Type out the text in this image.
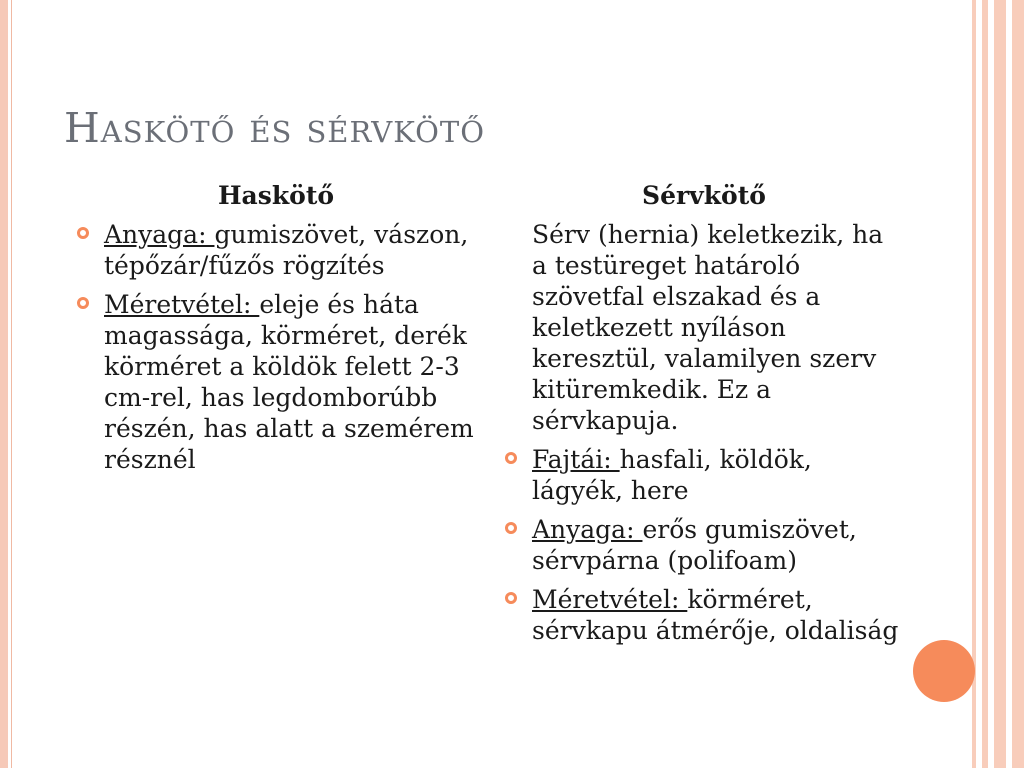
Haskötő és sérvkötő
Haskötő
Anyaga: gumiszövet, vászon, tépőzár/fűzős rögzítés
Méretvétel: eleje és háta magassága, körméret, derék körméret a köldök felett 2-3 cm-rel, has legdomborúbb részén, has alatt a szemérem résznél
Sérvkötő
Sérv (hernia) keletkezik, ha a testüreget határoló szövetfal elszakad és a keletkezett nyíláson keresztül, valamilyen szerv kitüremkedik. Ez a sérvkapuja.
Fajtái: hasfali, köldök, lágyék, here
Anyaga: erős gumiszövet, sérvpárna (polifoam)
Méretvétel: körméret, sérvkapu átmérője, oldaliság
